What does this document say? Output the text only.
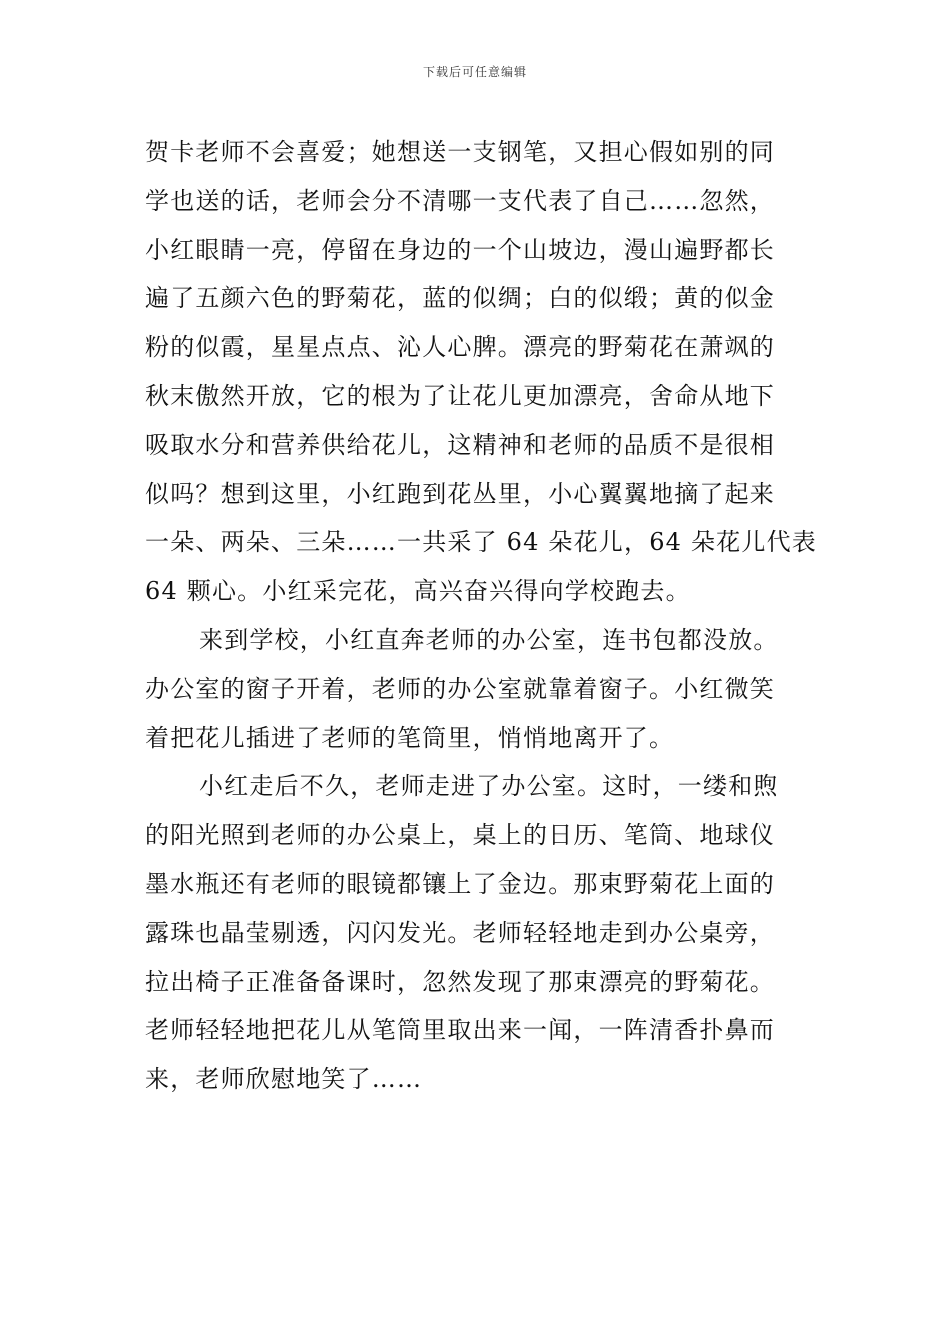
下载后可任意编辑
贺卡老师不会喜爱；她想送一支钢笔，又担心假如别的同
学也送的话，老师会分不清哪一支代表了自己……忽然，
小红眼睛一亮，停留在身边的一个山坡边，漫山遍野都长
遍了五颜六色的野菊花，蓝的似绸；白的似缎；黄的似金
粉的似霞，星星点点、沁人心脾。漂亮的野菊花在萧飒的
秋末傲然开放，它的根为了让花儿更加漂亮，舍命从地下
吸取水分和营养供给花儿，这精神和老师的品质不是很相
似吗？想到这里，小红跑到花丛里，小心翼翼地摘了起来
一朵、两朵、三朵……一共采了 64 朵花儿，64 朵花儿代表
64 颗心。小红采完花，高兴奋兴得向学校跑去。
来到学校，小红直奔老师的办公室，连书包都没放。
办公室的窗子开着，老师的办公室就靠着窗子。小红微笑
着把花儿插进了老师的笔筒里，悄悄地离开了。
小红走后不久，老师走进了办公室。这时，一缕和煦
的阳光照到老师的办公桌上，桌上的日历、笔筒、地球仪
墨水瓶还有老师的眼镜都镶上了金边。那束野菊花上面的
露珠也晶莹剔透，闪闪发光。老师轻轻地走到办公桌旁，
拉出椅子正准备备课时，忽然发现了那束漂亮的野菊花。
老师轻轻地把花儿从笔筒里取出来一闻，一阵清香扑鼻而
来，老师欣慰地笑了……
